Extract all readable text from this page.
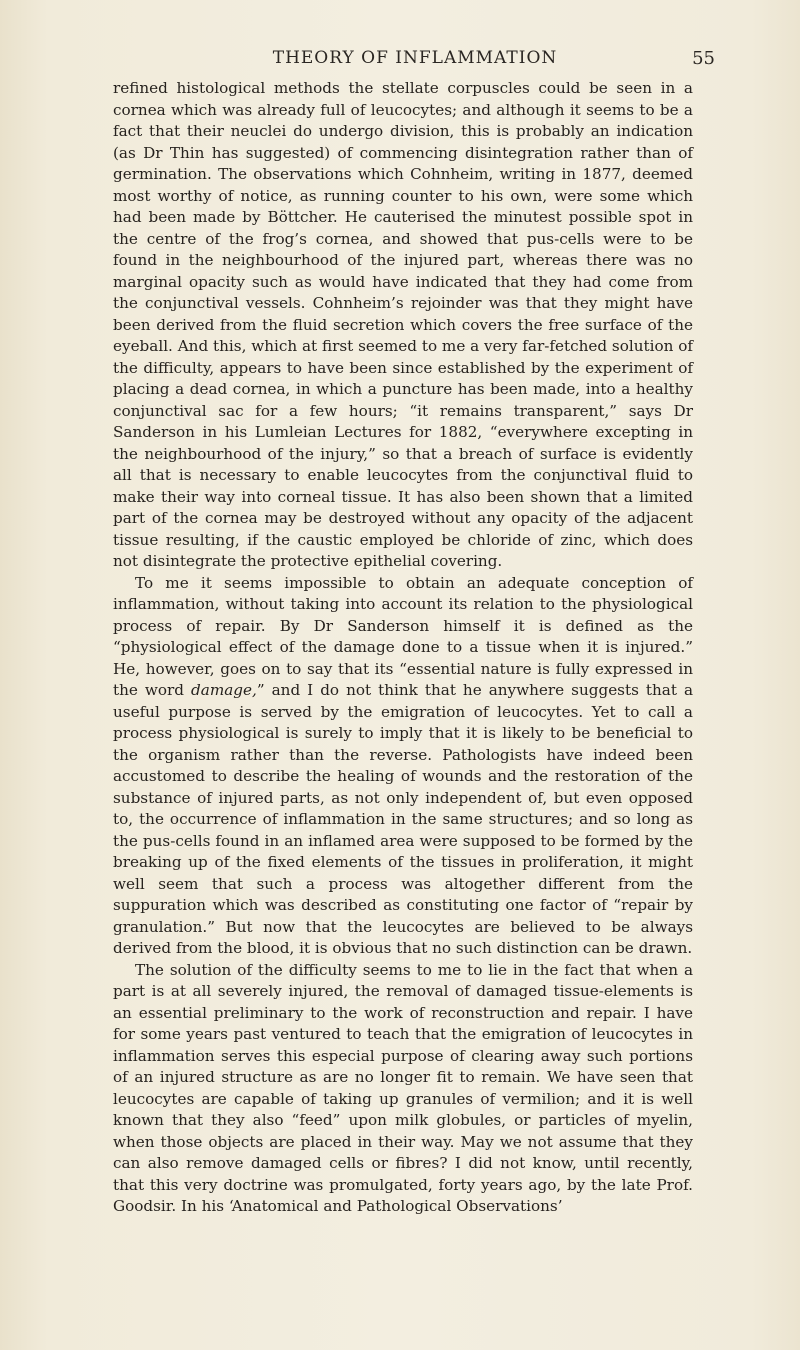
THEORY OF INFLAMMATION	55

refined histological methods the stellate corpuscles could be seen in a cornea which was already full of leucocytes; and although it seems to be a fact that their neuclei do undergo division, this is probably an indication (as Dr Thin has suggested) of commencing disintegration rather than of germination. The observations which Cohnheim, writing in 1877, deemed most worthy of notice, as running counter to his own, were some which had been made by Böttcher. He cauterised the minutest possible spot in the centre of the frog’s cornea, and showed that pus-cells were to be found in the neighbourhood of the injured part, whereas there was no marginal opacity such as would have indicated that they had come from the conjunctival vessels. Cohnheim’s rejoinder was that they might have been derived from the fluid secretion which covers the free surface of the eyeball. And this, which at first seemed to me a very far-fetched solution of the difficulty, appears to have been since established by the experiment of placing a dead cornea, in which a puncture has been made, into a healthy conjunctival sac for a few hours; “it remains transparent,” says Dr Sanderson in his Lumleian Lectures for 1882, “everywhere excepting in the neighbourhood of the injury,” so that a breach of surface is evidently all that is necessary to enable leucocytes from the conjunctival fluid to make their way into corneal tissue. It has also been shown that a limited part of the cornea may be destroyed without any opacity of the adjacent tissue resulting, if the caustic employed be chloride of zinc, which does not disintegrate the protective epithelial covering.

To me it seems impossible to obtain an adequate conception of inflammation, without taking into account its relation to the physiological process of repair. By Dr Sanderson himself it is defined as the “physiological effect of the damage done to a tissue when it is injured.” He, however, goes on to say that its “essential nature is fully expressed in the word damage,” and I do not think that he anywhere suggests that a useful purpose is served by the emigration of leucocytes. Yet to call a process physiological is surely to imply that it is likely to be beneficial to the organism rather than the reverse. Pathologists have indeed been accustomed to describe the healing of wounds and the restoration of the substance of injured parts, as not only independent of, but even opposed to, the occurrence of inflammation in the same structures; and so long as the pus-cells found in an inflamed area were supposed to be formed by the breaking up of the fixed elements of the tissues in proliferation, it might well seem that such a process was altogether different from the suppuration which was described as constituting one factor of “repair by granulation.” But now that the leucocytes are believed to be always derived from the blood, it is obvious that no such distinction can be drawn.

The solution of the difficulty seems to me to lie in the fact that when a part is at all severely injured, the removal of damaged tissue-elements is an essential preliminary to the work of reconstruction and repair. I have for some years past ventured to teach that the emigration of leucocytes in inflammation serves this especial purpose of clearing away such portions of an injured structure as are no longer fit to remain. We have seen that leucocytes are capable of taking up granules of vermilion; and it is well known that they also “feed” upon milk globules, or particles of myelin, when those objects are placed in their way. May we not assume that they can also remove damaged cells or fibres? I did not know, until recently, that this very doctrine was promulgated, forty years ago, by the late Prof. Goodsir. In his ‘Anatomical and Pathological Observations’
